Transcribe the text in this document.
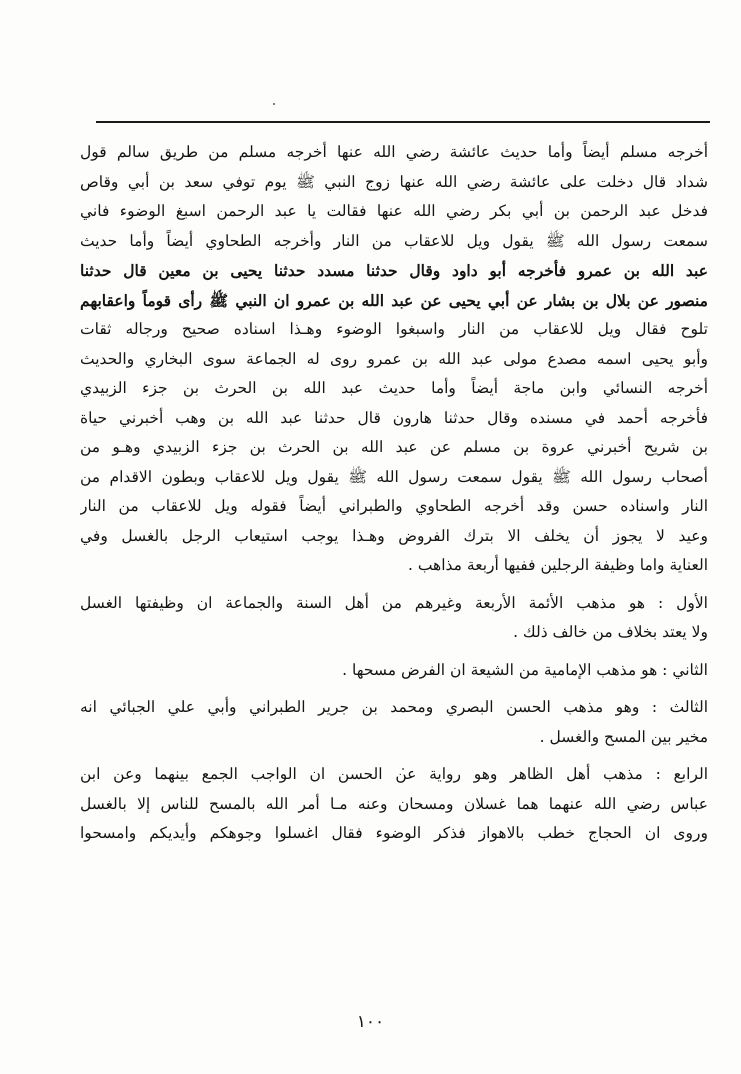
أخرجه مسلم أيضاً وأما حديث عائشة رضي الله عنها أخرجه مسلم من طريق سالم قول
شداد قال دخلت على عائشة رضي الله عنها زوج النبي ﷺ يوم توفي سعد بن أبي وقاص
فدخل عبد الرحمن بن أبي بكر رضي الله عنها فقالت يا عبد الرحمن اسبغ الوضوء فاني
سمعت رسول الله ﷺ يقول ويل للاعقاب من النار وأخرجه الطحاوي أيضاً وأما حديث
عبد الله بن عمرو فأخرجه أبو داود وقال حدثنا مسدد حدثنا يحيى بن معين قال حدثنا
منصور عن بلال بن بشار عن أبي يحيى عن عبد الله بن عمرو ان النبي ﷺ رأى قوماً واعقابهم
تلوح فقال ويل للاعقاب من النار واسبغوا الوضوء وهـذا اسناده صحيح ورجاله ثقات
وأبو يحيى اسمه مصدع مولى عبد الله بن عمرو روى له الجماعة سوى البخاري والحديث
أخرجه النسائي وابن ماجة أيضاً وأما حديث عبد الله بن الحرث بن جزء الزبيدي
فأخرجه أحمد في مسنده وقال حدثنا هارون قال حدثنا عبد الله بن وهب أخبرني حياة
بن شريح أخبرني عروة بن مسلم عن عبد الله بن الحرث بن جزء الزبيدي وهـو من
أصحاب رسول الله ﷺ يقول سمعت رسول الله ﷺ يقول ويل للاعقاب وبطون الاقدام من
النار واسناده حسن وقد أخرجه الطحاوي والطبراني أيضاً فقوله ويل للاعقاب من النار
وعيد لا يجوز أن يخلف الا بترك الفروض وهـذا يوجب استيعاب الرجل بالغسل وفي
العناية واما وظيفة الرجلين ففيها أربعة مذاهب .
الأول : هو مذهب الأئمة الأربعة وغيرهم من أهل السنة والجماعة ان وظيفتها الغسل
ولا يعتد بخلاف من خالف ذلك .
الثاني : هو مذهب الإمامية من الشيعة ان الفرض مسحها .
الثالث : وهو مذهب الحسن البصري ومحمد بن جرير الطبراني وأبي علي الجبائي انه
مخير بين المسح والغسل .
الرابع : مذهب أهل الظاهر وهو رواية عن الحسن ان الواجب الجمع بينهما وعن ابن
عباس رضي الله عنهما هما غسلان ومسحان وعنه مـا أمر الله بالمسح للناس إلا بالغسل
وروى ان الحجاج خطب بالاهواز فذكر الوضوء فقال اغسلوا وجوهكم وأيديكم وامسحوا
١٠٠
